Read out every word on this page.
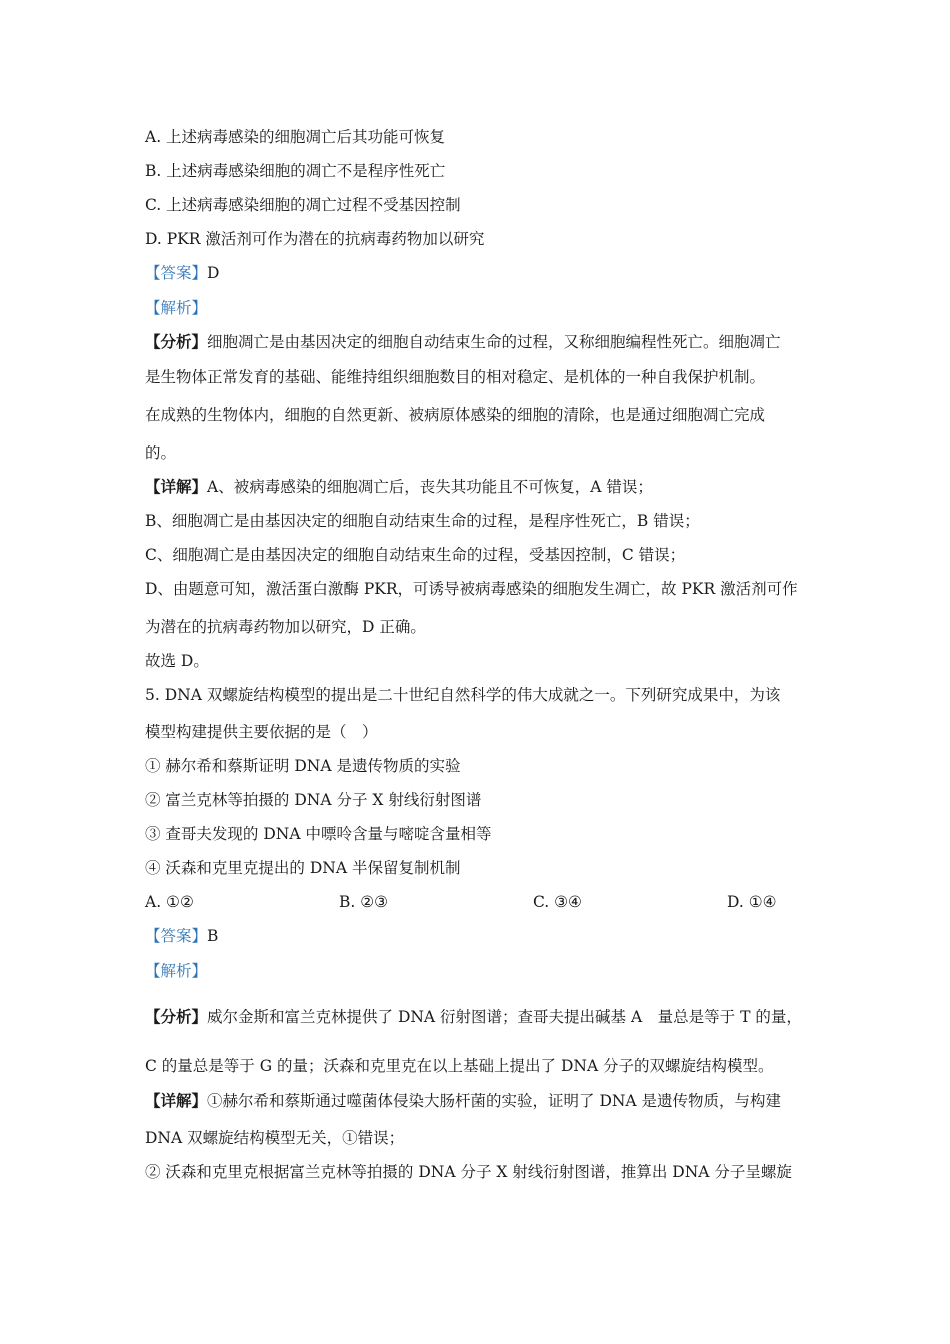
A. 上述病毒感染的细胞凋亡后其功能可恢复
B. 上述病毒感染细胞的凋亡不是程序性死亡
C. 上述病毒感染细胞的凋亡过程不受基因控制
D. PKR 激活剂可作为潜在的抗病毒药物加以研究
【答案】D
【解析】
【分析】细胞凋亡是由基因决定的细胞自动结束生命的过程，又称细胞编程性死亡。细胞凋亡
是生物体正常发育的基础、能维持组织细胞数目的相对稳定、是机体的一种自我保护机制。
在成熟的生物体内，细胞的自然更新、被病原体感染的细胞的清除，也是通过细胞凋亡完成
的。
【详解】A、被病毒感染的细胞凋亡后，丧失其功能且不可恢复，A 错误；
B、细胞凋亡是由基因决定的细胞自动结束生命的过程，是程序性死亡，B 错误；
C、细胞凋亡是由基因决定的细胞自动结束生命的过程，受基因控制，C 错误；
D、由题意可知，激活蛋白激酶 PKR，可诱导被病毒感染的细胞发生凋亡，故 PKR 激活剂可作
为潜在的抗病毒药物加以研究，D 正确。
故选 D。
5. DNA 双螺旋结构模型的提出是二十世纪自然科学的伟大成就之一。下列研究成果中，为该
模型构建提供主要依据的是（　）
① 赫尔希和蔡斯证明 DNA 是遗传物质的实验
② 富兰克林等拍摄的 DNA 分子 X 射线衍射图谱
③ 查哥夫发现的 DNA 中嘌呤含量与嘧啶含量相等
④ 沃森和克里克提出的 DNA 半保留复制机制
A. ①②	B. ②③	C. ③④	D. ①④
【答案】B
【解析】
【分析】威尔金斯和富兰克林提供了 DNA 衍射图谱；查哥夫提出碱基 A　量总是等于 T 的量，
C 的量总是等于 G 的量；沃森和克里克在以上基础上提出了 DNA 分子的双螺旋结构模型。
【详解】①赫尔希和蔡斯通过噬菌体侵染大肠杆菌的实验，证明了 DNA 是遗传物质，与构建
DNA 双螺旋结构模型无关，①错误；
② 沃森和克里克根据富兰克林等拍摄的 DNA 分子 X 射线衍射图谱，推算出 DNA 分子呈螺旋
